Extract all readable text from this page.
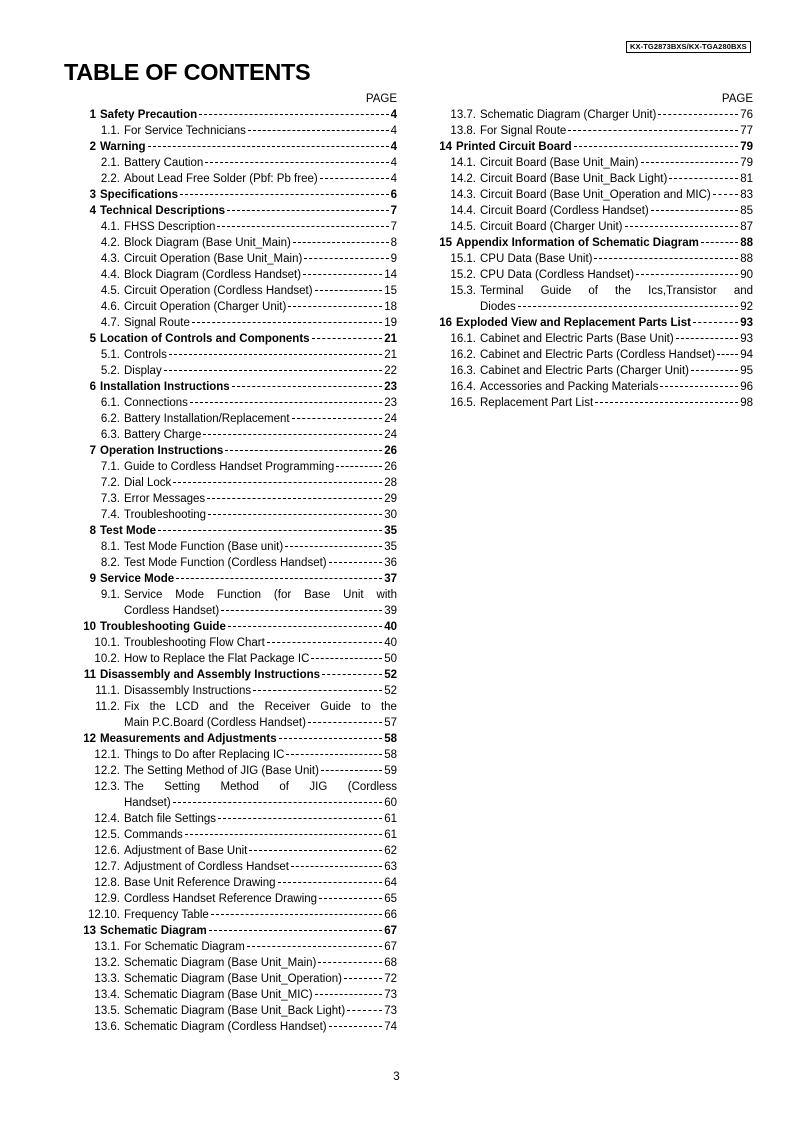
KX-TG2873BXS/KX-TGA280BXS
TABLE OF CONTENTS
PAGE
1 Safety Precaution	4
1.1. For Service Technicians	4
2 Warning	4
2.1. Battery Caution	4
2.2. About Lead Free Solder (Pbf: Pb free)	4
3 Specifications	6
4 Technical Descriptions	7
4.1. FHSS Description	7
4.2. Block Diagram (Base Unit_Main)	8
4.3. Circuit Operation (Base Unit_Main)	9
4.4. Block Diagram (Cordless Handset)	14
4.5. Circuit Operation (Cordless Handset)	15
4.6. Circuit Operation (Charger Unit)	18
4.7. Signal Route	19
5 Location of Controls and Components	21
5.1. Controls	21
5.2. Display	22
6 Installation Instructions	23
6.1. Connections	23
6.2. Battery Installation/Replacement	24
6.3. Battery Charge	24
7 Operation Instructions	26
7.1. Guide to Cordless Handset Programming	26
7.2. Dial Lock	28
7.3. Error Messages	29
7.4. Troubleshooting	30
8 Test Mode	35
8.1. Test Mode Function (Base unit)	35
8.2. Test Mode Function (Cordless Handset)	36
9 Service Mode	37
9.1. Service Mode Function (for Base Unit with
Cordless Handset)	39
10 Troubleshooting Guide	40
10.1. Troubleshooting Flow Chart	40
10.2. How to Replace the Flat Package IC	50
11 Disassembly and Assembly Instructions	52
11.1. Disassembly Instructions	52
11.2. Fix the LCD and the Receiver Guide to the
Main P.C.Board (Cordless Handset)	57
12 Measurements and Adjustments	58
12.1. Things to Do after Replacing IC	58
12.2. The Setting Method of JIG (Base Unit)	59
12.3. The Setting Method of JIG (Cordless
Handset)	60
12.4. Batch file Settings	61
12.5. Commands	61
12.6. Adjustment of Base Unit	62
12.7. Adjustment of Cordless Handset	63
12.8. Base Unit Reference Drawing	64
12.9. Cordless Handset Reference Drawing	65
12.10. Frequency Table	66
13 Schematic Diagram	67
13.1. For Schematic Diagram	67
13.2. Schematic Diagram (Base Unit_Main)	68
13.3. Schematic Diagram (Base Unit_Operation)	72
13.4. Schematic Diagram (Base Unit_MIC)	73
13.5. Schematic Diagram (Base Unit_Back Light)	73
13.6. Schematic Diagram (Cordless Handset)	74
PAGE
13.7. Schematic Diagram (Charger Unit)	76
13.8. For Signal Route	77
14 Printed Circuit Board	79
14.1. Circuit Board (Base Unit_Main)	79
14.2. Circuit Board (Base Unit_Back Light)	81
14.3. Circuit Board (Base Unit_Operation and MIC)	83
14.4. Circuit Board (Cordless Handset)	85
14.5. Circuit Board (Charger Unit)	87
15 Appendix Information of Schematic Diagram	88
15.1. CPU Data (Base Unit)	88
15.2. CPU Data (Cordless Handset)	90
15.3. Terminal Guide of the Ics,Transistor and
Diodes	92
16 Exploded View and Replacement Parts List	93
16.1. Cabinet and Electric Parts (Base Unit)	93
16.2. Cabinet and Electric Parts (Cordless Handset) 94
16.3. Cabinet and Electric Parts (Charger Unit)	95
16.4. Accessories and Packing Materials	96
16.5. Replacement Part List	98
3
